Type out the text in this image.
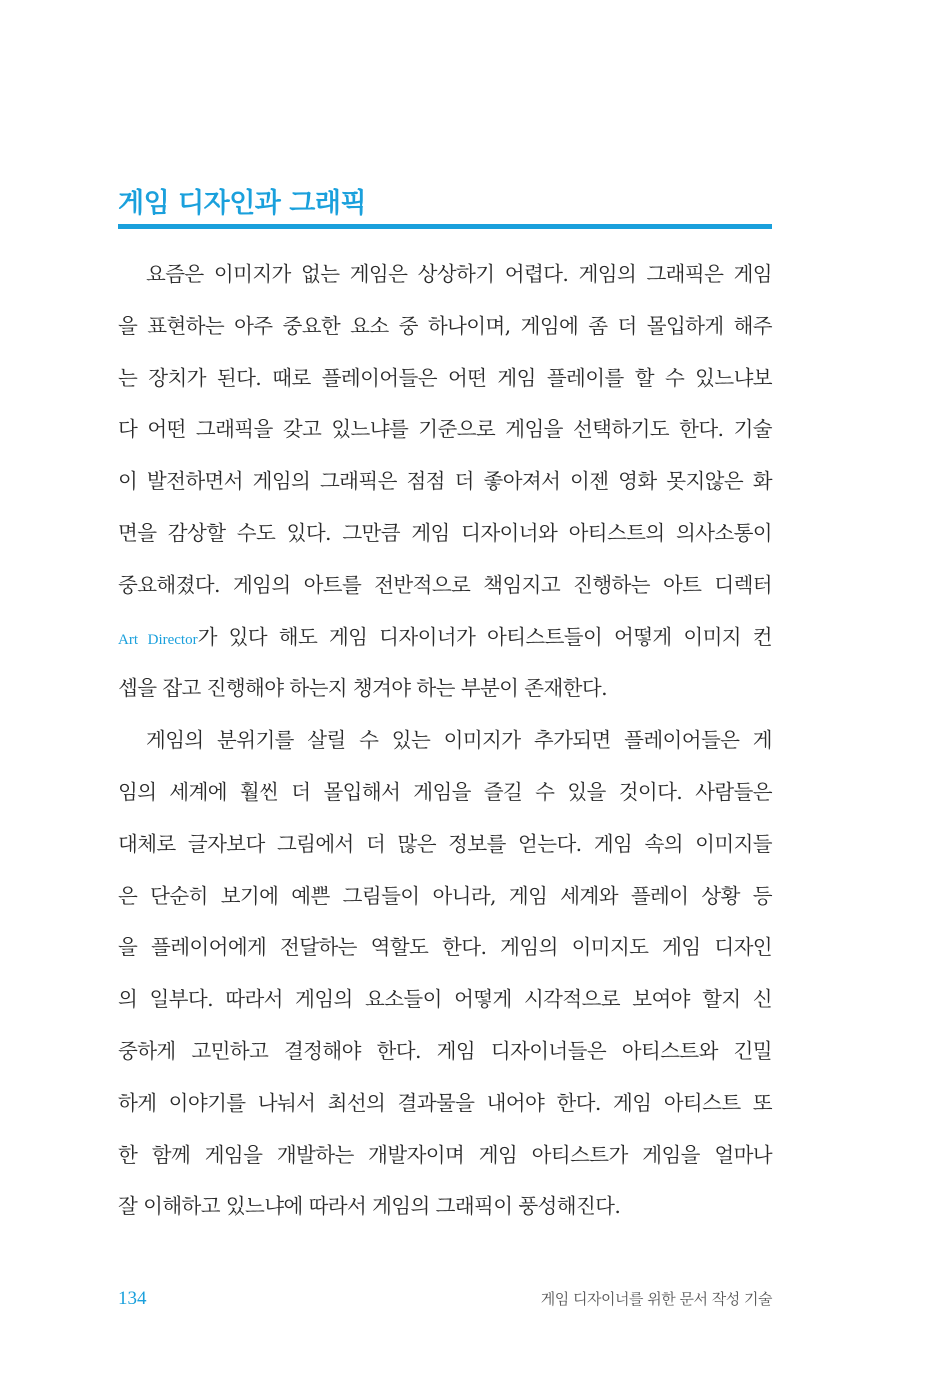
게임 디자인과 그래픽
요즘은 이미지가 없는 게임은 상상하기 어렵다. 게임의 그래픽은 게임
을 표현하는 아주 중요한 요소 중 하나이며, 게임에 좀 더 몰입하게 해주
는 장치가 된다. 때로 플레이어들은 어떤 게임 플레이를 할 수 있느냐보
다 어떤 그래픽을 갖고 있느냐를 기준으로 게임을 선택하기도 한다. 기술
이 발전하면서 게임의 그래픽은 점점 더 좋아져서 이젠 영화 못지않은 화
면을 감상할 수도 있다. 그만큼 게임 디자이너와 아티스트의 의사소통이
중요해졌다. 게임의 아트를 전반적으로 책임지고 진행하는 아트 디렉터
Art Director가 있다 해도 게임 디자이너가 아티스트들이 어떻게 이미지 컨
셉을 잡고 진행해야 하는지 챙겨야 하는 부분이 존재한다.
게임의 분위기를 살릴 수 있는 이미지가 추가되면 플레이어들은 게
임의 세계에 훨씬 더 몰입해서 게임을 즐길 수 있을 것이다. 사람들은
대체로 글자보다 그림에서 더 많은 정보를 얻는다. 게임 속의 이미지들
은 단순히 보기에 예쁜 그림들이 아니라, 게임 세계와 플레이 상황 등
을 플레이어에게 전달하는 역할도 한다. 게임의 이미지도 게임 디자인
의 일부다. 따라서 게임의 요소들이 어떻게 시각적으로 보여야 할지 신
중하게 고민하고 결정해야 한다. 게임 디자이너들은 아티스트와 긴밀
하게 이야기를 나눠서 최선의 결과물을 내어야 한다. 게임 아티스트 또
한 함께 게임을 개발하는 개발자이며 게임 아티스트가 게임을 얼마나
잘 이해하고 있느냐에 따라서 게임의 그래픽이 풍성해진다.
134	게임 디자이너를 위한 문서 작성 기술
